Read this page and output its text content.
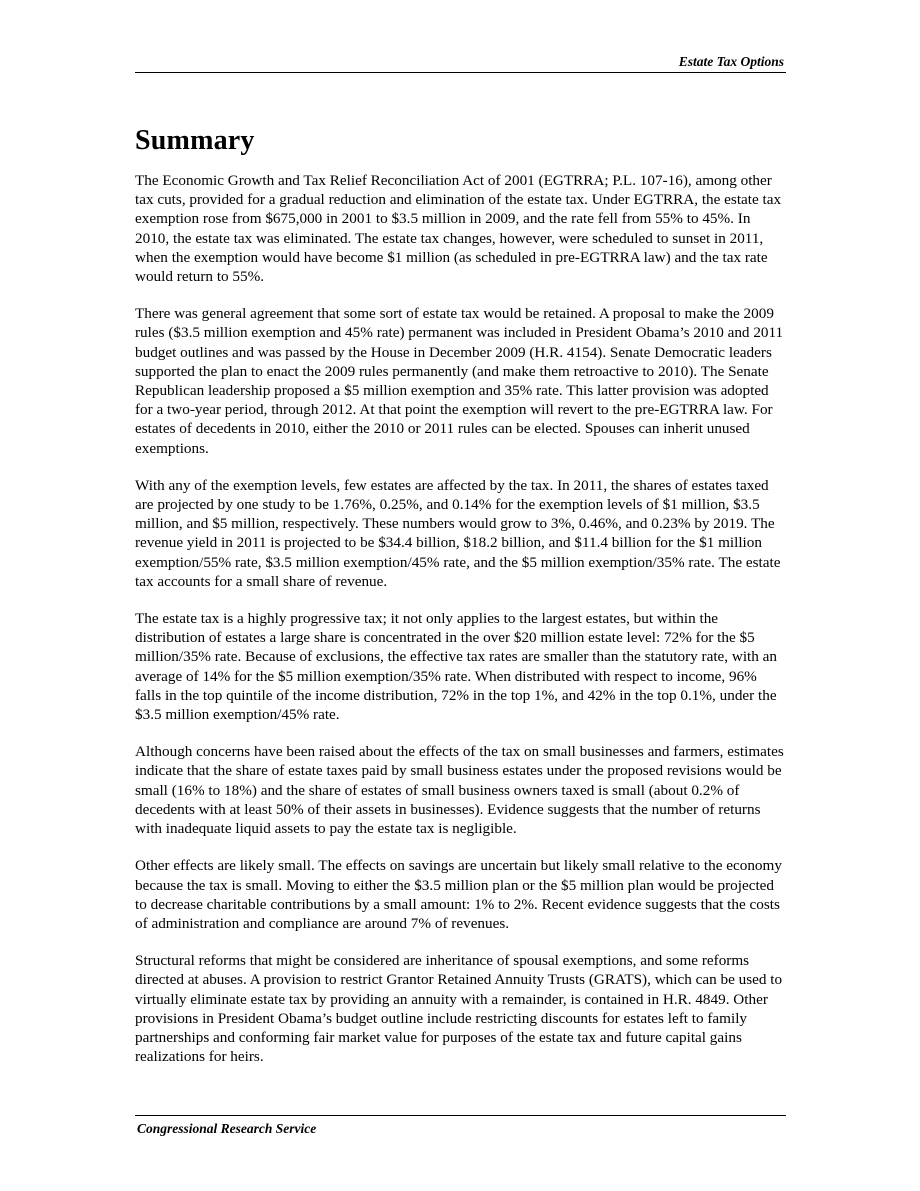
Estate Tax Options
Summary

The Economic Growth and Tax Relief Reconciliation Act of 2001 (EGTRRA; P.L. 107-16), among other tax cuts, provided for a gradual reduction and elimination of the estate tax. Under EGTRRA, the estate tax exemption rose from $675,000 in 2001 to $3.5 million in 2009, and the rate fell from 55% to 45%. In 2010, the estate tax was eliminated. The estate tax changes, however, were scheduled to sunset in 2011, when the exemption would have become $1 million (as scheduled in pre-EGTRRA law) and the tax rate would return to 55%.

There was general agreement that some sort of estate tax would be retained. A proposal to make the 2009 rules ($3.5 million exemption and 45% rate) permanent was included in President Obama’s 2010 and 2011 budget outlines and was passed by the House in December 2009 (H.R. 4154). Senate Democratic leaders supported the plan to enact the 2009 rules permanently (and make them retroactive to 2010). The Senate Republican leadership proposed a $5 million exemption and 35% rate. This latter provision was adopted for a two-year period, through 2012. At that point the exemption will revert to the pre-EGTRRA law. For estates of decedents in 2010, either the 2010 or 2011 rules can be elected. Spouses can inherit unused exemptions.

With any of the exemption levels, few estates are affected by the tax. In 2011, the shares of estates taxed are projected by one study to be 1.76%, 0.25%, and 0.14% for the exemption levels of $1 million, $3.5 million, and $5 million, respectively. These numbers would grow to 3%, 0.46%, and 0.23% by 2019. The revenue yield in 2011 is projected to be $34.4 billion, $18.2 billion, and $11.4 billion for the $1 million exemption/55% rate, $3.5 million exemption/45% rate, and the $5 million exemption/35% rate. The estate tax accounts for a small share of revenue.

The estate tax is a highly progressive tax; it not only applies to the largest estates, but within the distribution of estates a large share is concentrated in the over $20 million estate level: 72% for the $5 million/35% rate. Because of exclusions, the effective tax rates are smaller than the statutory rate, with an average of 14% for the $5 million exemption/35% rate. When distributed with respect to income, 96% falls in the top quintile of the income distribution, 72% in the top 1%, and 42% in the top 0.1%, under the $3.5 million exemption/45% rate.

Although concerns have been raised about the effects of the tax on small businesses and farmers, estimates indicate that the share of estate taxes paid by small business estates under the proposed revisions would be small (16% to 18%) and the share of estates of small business owners taxed is small (about 0.2% of decedents with at least 50% of their assets in businesses). Evidence suggests that the number of returns with inadequate liquid assets to pay the estate tax is negligible.

Other effects are likely small. The effects on savings are uncertain but likely small relative to the economy because the tax is small. Moving to either the $3.5 million plan or the $5 million plan would be projected to decrease charitable contributions by a small amount: 1% to 2%. Recent evidence suggests that the costs of administration and compliance are around 7% of revenues.

Structural reforms that might be considered are inheritance of spousal exemptions, and some reforms directed at abuses. A provision to restrict Grantor Retained Annuity Trusts (GRATS), which can be used to virtually eliminate estate tax by providing an annuity with a remainder, is contained in H.R. 4849. Other provisions in President Obama’s budget outline include restricting discounts for estates left to family partnerships and conforming fair market value for purposes of the estate tax and future capital gains realizations for heirs.

Congressional Research Service
